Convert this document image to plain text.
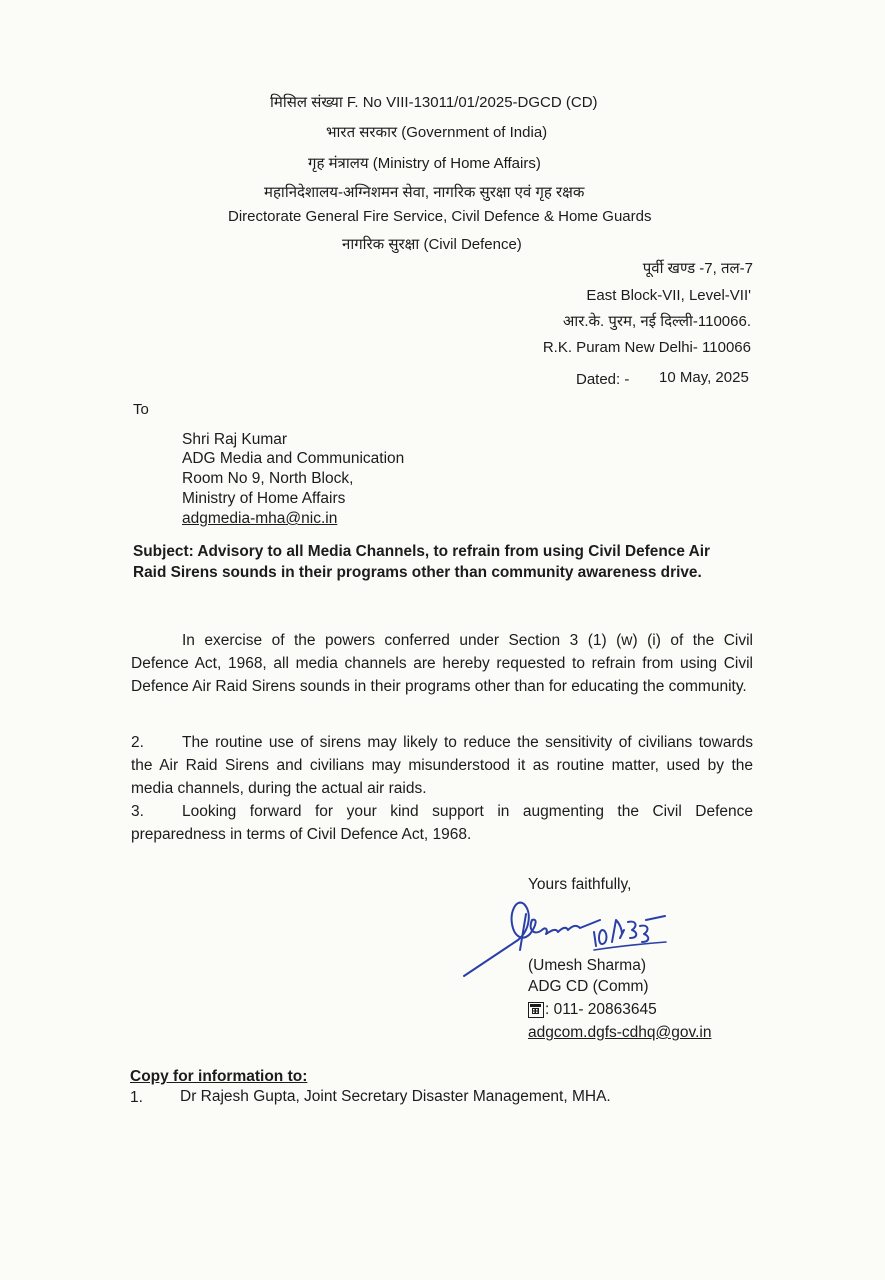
मिसिल संख्या F. No VIII-13011/01/2025-DGCD (CD)
भारत सरकार (Government of India)
गृह मंत्रालय (Ministry of Home Affairs)
महानिदेशालय-अग्निशमन सेवा, नागरिक सुरक्षा एवं गृह रक्षक
Directorate General Fire Service, Civil Defence & Home Guards
नागरिक सुरक्षा (Civil Defence)
पूर्वी खण्ड -7, तल-7
East Block-VII, Level-VII'
आर.के. पुरम, नई दिल्ली-110066.
R.K. Puram New Delhi- 110066
Dated: - 10 May, 2025
To
Shri Raj Kumar
ADG Media and Communication
Room No 9, North Block,
Ministry of Home Affairs
adgmedia-mha@nic.in
Subject: Advisory to all Media Channels, to refrain from using Civil Defence Air
Raid Sirens sounds in their programs other than community awareness drive.
In exercise of the powers conferred under Section 3 (1) (w) (i) of the Civil
Defence Act, 1968, all media channels are hereby requested to refrain from using Civil Defence Air Raid Sirens sounds in their programs other than for educating the community.
2.	The routine use of sirens may likely to reduce the sensitivity of civilians towards
the Air Raid Sirens and civilians may misunderstood it as routine matter, used by the media channels, during the actual air raids.
3.	Looking forward for your kind support in augmenting the Civil Defence
preparedness in terms of Civil Defence Act, 1968.
Yours faithfully,
(Umesh Sharma)
ADG CD (Comm)
: 011- 20863645
adgcom.dgfs-cdhq@gov.in
Copy for information to:
1. Dr Rajesh Gupta, Joint Secretary Disaster Management, MHA.
